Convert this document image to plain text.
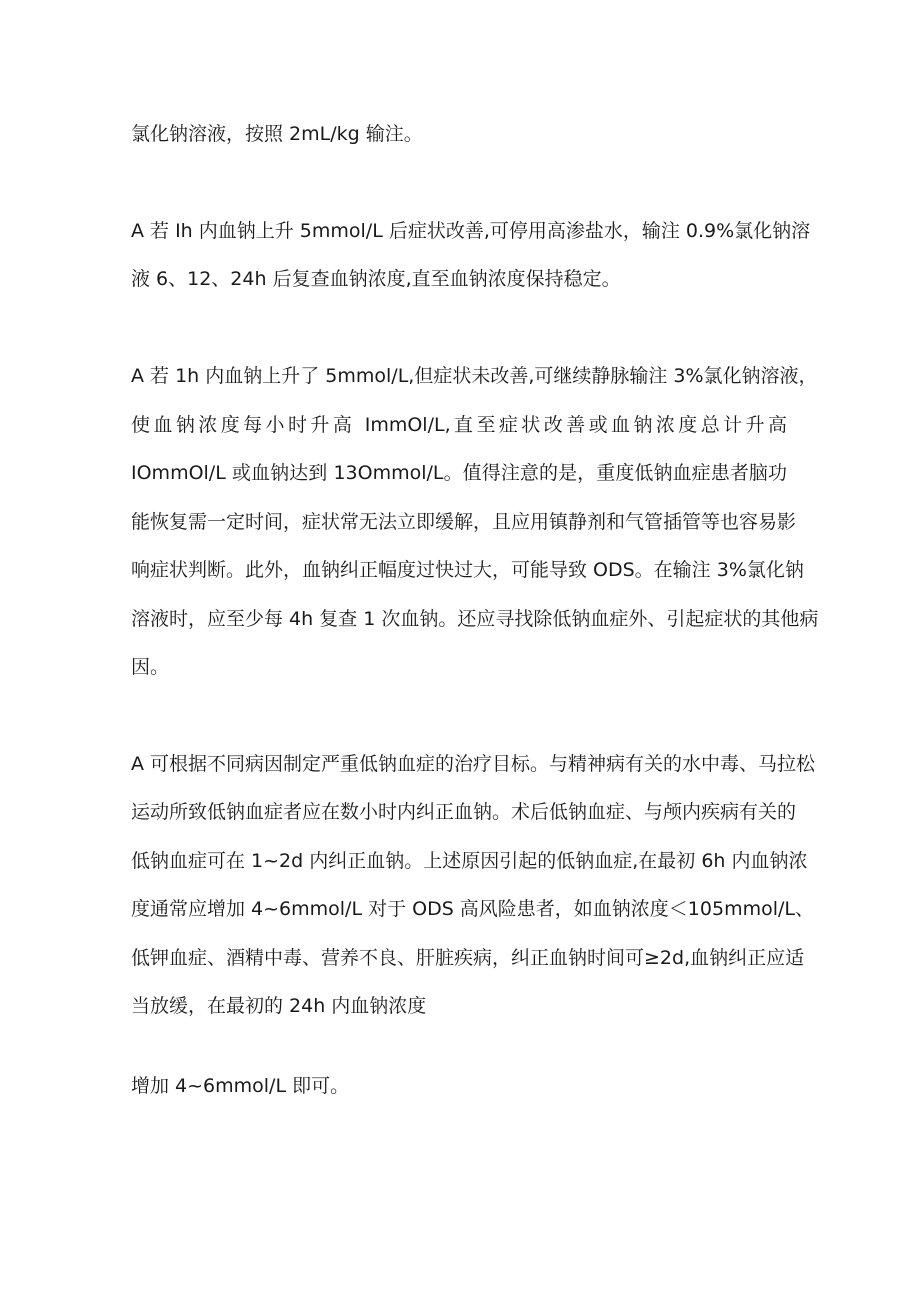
氯化钠溶液，按照 2mL/kg 输注。
A 若 Ih 内血钠上升 5mmol/L 后症状改善,可停用高渗盐水，输注 0.9%氯化钠溶
液 6、12、24h 后复查血钠浓度,直至血钠浓度保持稳定。
A 若 1h 内血钠上升了 5mmol/L,但症状未改善,可继续静脉输注 3%氯化钠溶液，
使血钠浓度每小时升高 ImmOl/L,直至症状改善或血钠浓度总计升高
IOmmOl/L 或血钠达到 13Ommol/L。值得注意的是，重度低钠血症患者脑功
能恢复需一定时间，症状常无法立即缓解，且应用镇静剂和气管插管等也容易影
响症状判断。此外，血钠纠正幅度过快过大，可能导致 ODS。在输注 3%氯化钠
溶液时，应至少每 4h 复查 1 次血钠。还应寻找除低钠血症外、引起症状的其他病
因。
A 可根据不同病因制定严重低钠血症的治疗目标。与精神病有关的水中毒、马拉松
运动所致低钠血症者应在数小时内纠正血钠。术后低钠血症、与颅内疾病有关的
低钠血症可在 1~2d 内纠正血钠。上述原因引起的低钠血症,在最初 6h 内血钠浓
度通常应增加 4~6mmol/L 对于 ODS 高风险患者，如血钠浓度＜105mmol/L、
低钾血症、酒精中毒、营养不良、肝脏疾病，纠正血钠时间可≥2d,血钠纠正应适
当放缓，在最初的 24h 内血钠浓度
增加 4~6mmol/L 即可。
